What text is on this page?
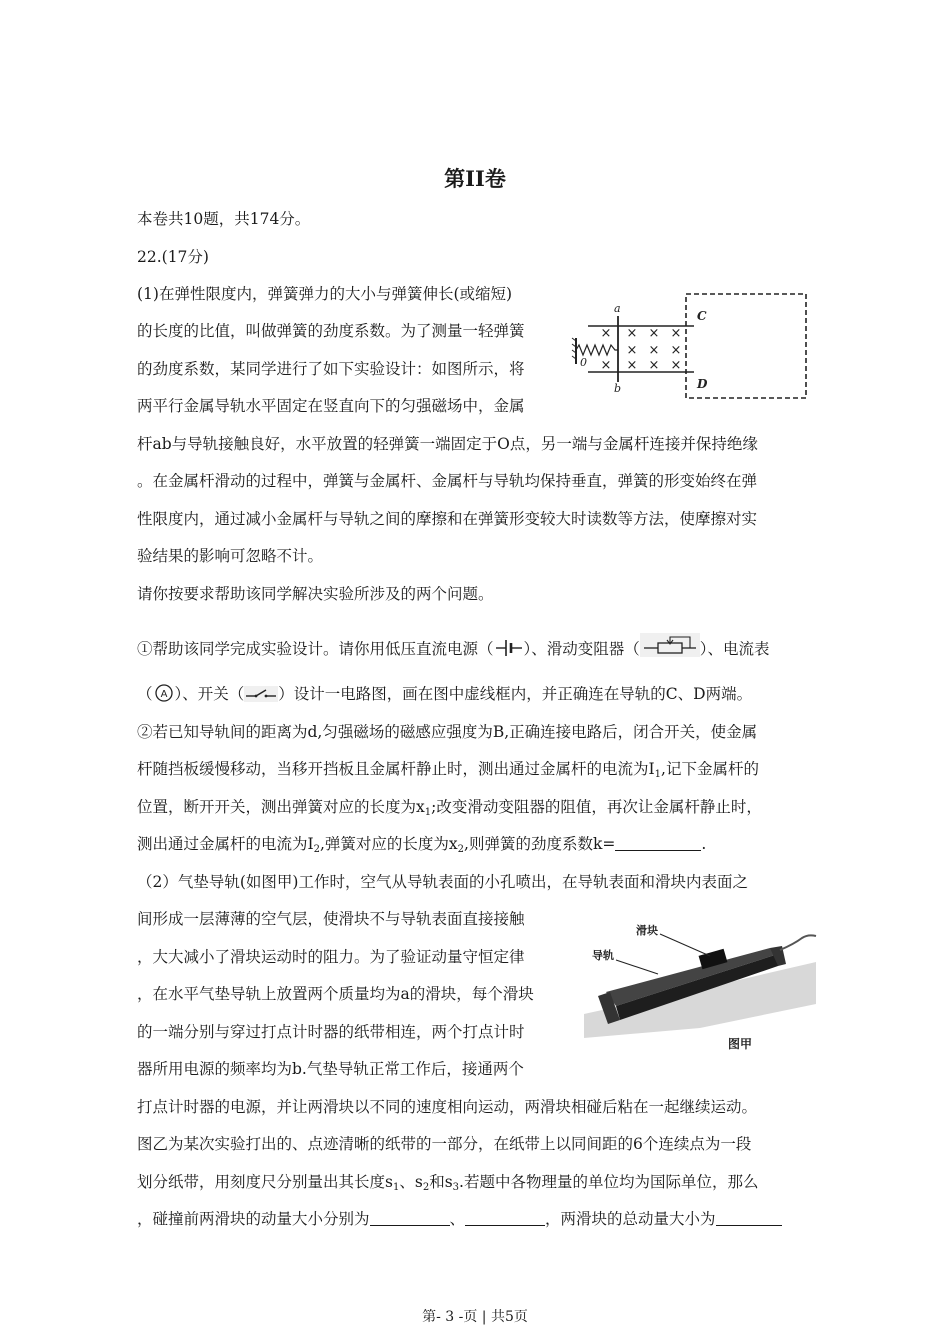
第II卷
本卷共10题，共174分。
22.(17分)
(1)在弹性限度内，弹簧弹力的大小与弹簧伸长(或缩短)
的长度的比值，叫做弹簧的劲度系数。为了测量一轻弹簧
的劲度系数，某同学进行了如下实验设计：如图所示，将
两平行金属导轨水平固定在竖直向下的匀强磁场中，金属
杆ab与导轨接触良好，水平放置的轻弹簧一端固定于O点，另一端与金属杆连接并保持绝缘
。在金属杆滑动的过程中，弹簧与金属杆、金属杆与导轨均保持垂直，弹簧的形变始终在弹
性限度内，通过减小金属杆与导轨之间的摩擦和在弹簧形变较大时读数等方法，使摩擦对实
验结果的影响可忽略不计。
请你按要求帮助该同学解决实验所涉及的两个问题。
× × × ×
× × ×
× × × ×
a
b
0
C
D
①帮助该同学完成实验设计。请你用低压直流电源（ ）、滑动变阻器（	）、电流表
（ A ）、开关（ ）设计一电路图，画在图中虚线框内，并正确连在导轨的C、D两端。
②若已知导轨间的距离为d,匀强磁场的磁感应强度为B,正确连接电路后，闭合开关，使金属
杆随挡板缓慢移动，当移开挡板且金属杆静止时，测出通过金属杆的电流为$I_1$,记下金属杆的
位置，断开开关，测出弹簧对应的长度为$x_1$;改变滑动变阻器的阻值，再次让金属杆静止时，
测出通过金属杆的电流为$I_2$,弹簧对应的长度为$x_2$,则弹簧的劲度系数k=	.
（2）气垫导轨(如图甲)工作时，空气从导轨表面的小孔喷出，在导轨表面和滑块内表面之
间形成一层薄薄的空气层，使滑块不与导轨表面直接接触
，大大减小了滑块运动时的阻力。为了验证动量守恒定律
，在水平气垫导轨上放置两个质量均为a的滑块，每个滑块
的一端分别与穿过打点计时器的纸带相连，两个打点计时
器所用电源的频率均为b.气垫导轨正常工作后，接通两个
滑块
导轨
图甲
打点计时器的电源，并让两滑块以不同的速度相向运动，两滑块相碰后粘在一起继续运动。
图乙为某次实验打出的、点迹清晰的纸带的一部分，在纸带上以同间距的6个连续点为一段
划分纸带，用刻度尺分别量出其长度$s_1$、$s_2$和$s_3$.若题中各物理量的单位均为国际单位，那么
，碰撞前两滑块的动量大小分别为	、	，两滑块的总动量大小为
第- 3 -页 | 共5页
